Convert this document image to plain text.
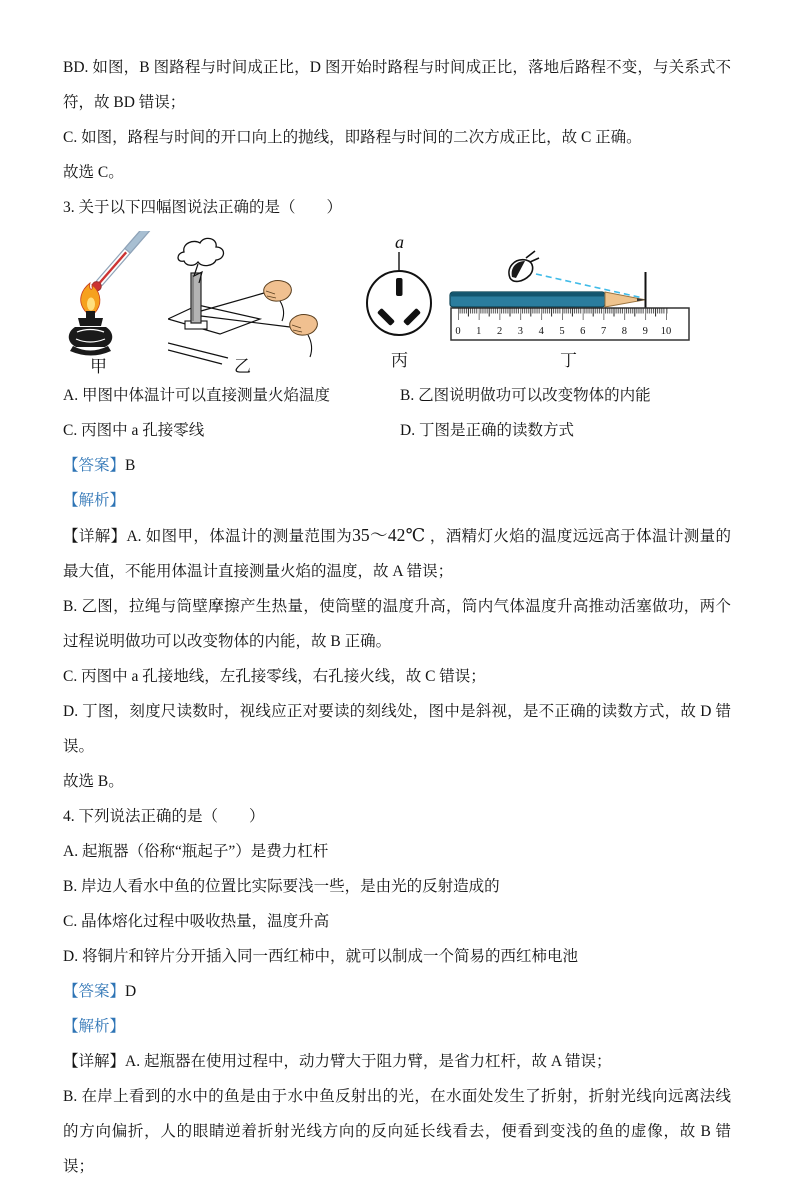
BD. 如图，B 图路程与时间成正比，D 图开始时路程与时间成正比，落地后路程不变，与关系式不符，故 BD 错误；

C. 如图，路程与时间的开口向上的抛线，即路程与时间的二次方成正比，故 C 正确。

故选 C。

3. 关于以下四幅图说法正确的是（　　）

甲	乙
a
丙
0 1 2 3 4 5 6 7 8 9 10
丁

A. 甲图中体温计可以直接测量火焰温度	B. 乙图说明做功可以改变物体的内能

C. 丙图中 a 孔接零线	D. 丁图是正确的读数方式

【答案】B

【解析】

【详解】A. 如图甲，体温计的测量范围为35～42℃ ，酒精灯火焰的温度远远高于体温计测量的最大值，不能用体温计直接测量火焰的温度，故 A 错误；

B. 乙图，拉绳与筒壁摩擦产生热量，使筒壁的温度升高，筒内气体温度升高推动活塞做功，两个过程说明做功可以改变物体的内能，故 B 正确。

C. 丙图中 a 孔接地线，左孔接零线，右孔接火线，故 C 错误；

D. 丁图，刻度尺读数时，视线应正对要读的刻线处，图中是斜视，是不正确的读数方式，故 D 错误。

故选 B。

4. 下列说法正确的是（　　）

A. 起瓶器（俗称“瓶起子”）是费力杠杆

B. 岸边人看水中鱼的位置比实际要浅一些，是由光的反射造成的

C. 晶体熔化过程中吸收热量，温度升高

D. 将铜片和锌片分开插入同一西红柿中，就可以制成一个简易的西红柿电池

【答案】D

【解析】

【详解】A. 起瓶器在使用过程中，动力臂大于阻力臂，是省力杠杆，故 A 错误；

B. 在岸上看到的水中的鱼是由于水中鱼反射出的光，在水面处发生了折射，折射光线向远离法线的方向偏折，人的眼睛逆着折射光线方向的反向延长线看去，便看到变浅的鱼的虚像，故 B 错误；
